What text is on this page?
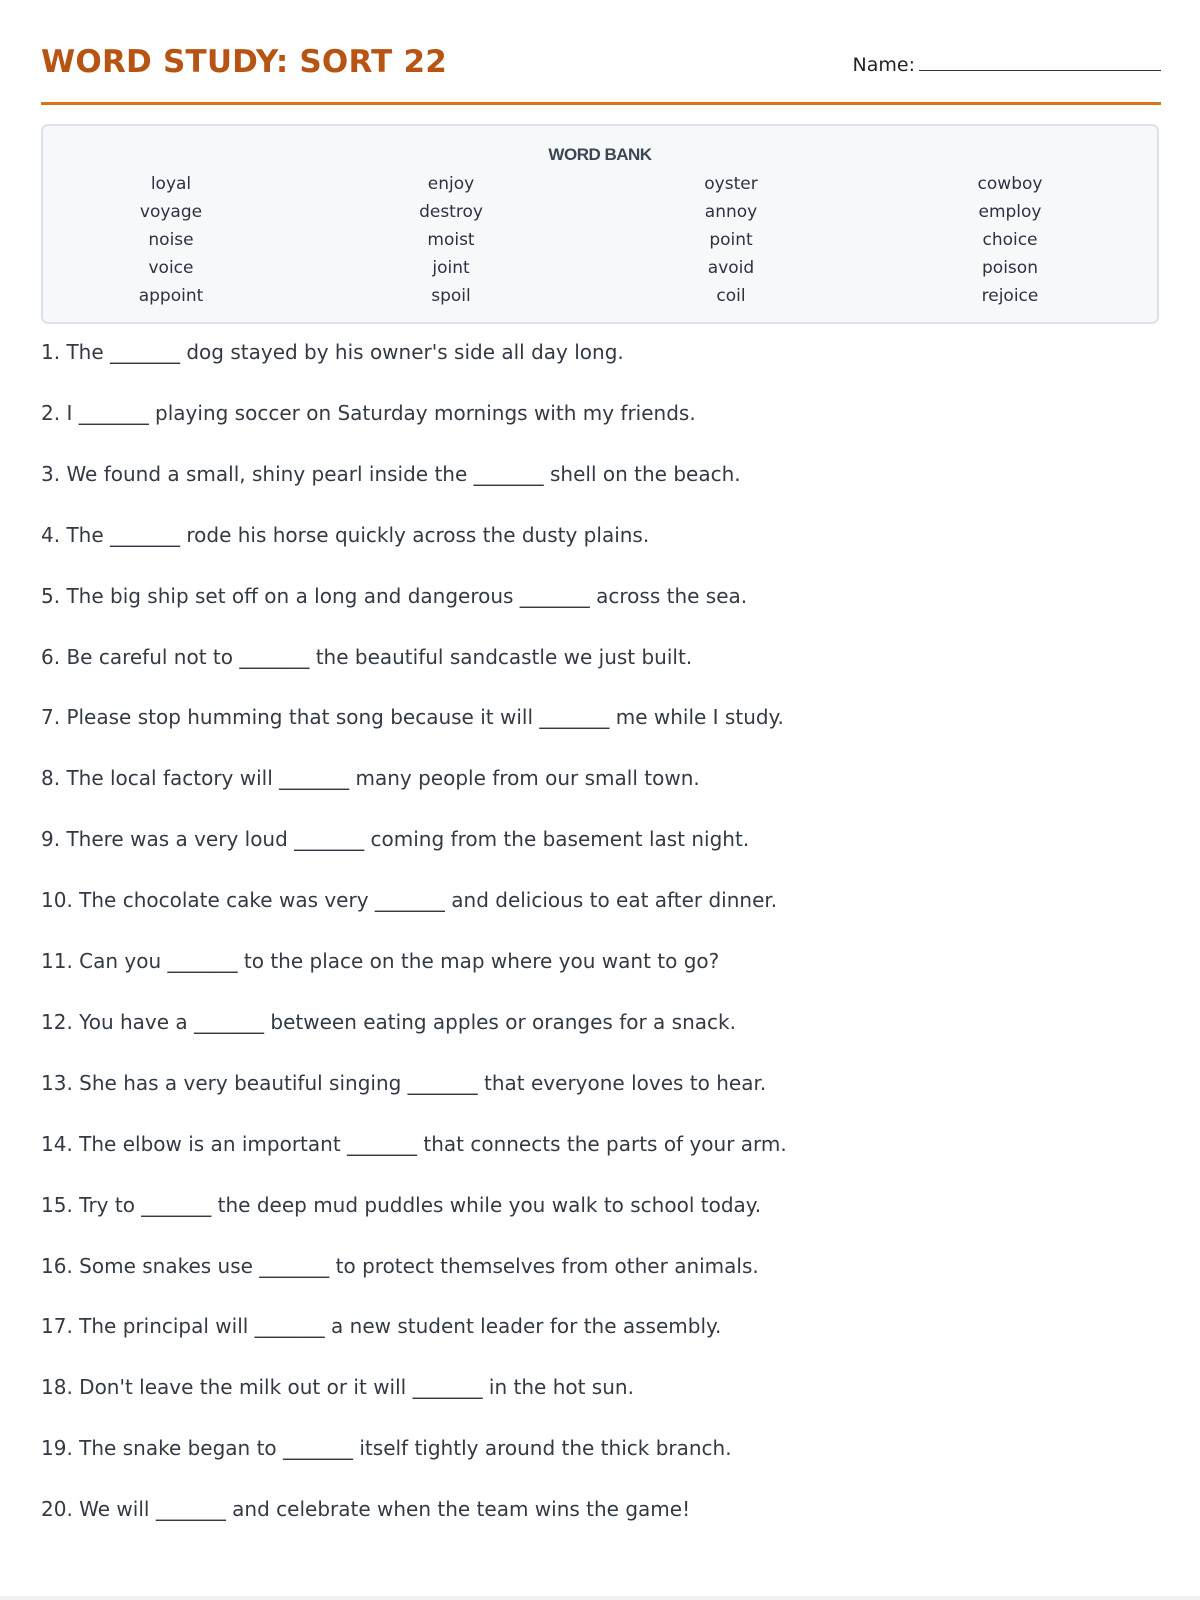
WORD STUDY: SORT 22	Name:
WORD BANK
loyal
voyage
noise
voice
appoint
enjoy
destroy
moist
joint
spoil
oyster
annoy
point
avoid
coil
cowboy
employ
choice
poison
rejoice
1. The _______ dog stayed by his owner's side all day long.
2. I _______ playing soccer on Saturday mornings with my friends.
3. We found a small, shiny pearl inside the _______ shell on the beach.
4. The _______ rode his horse quickly across the dusty plains.
5. The big ship set off on a long and dangerous _______ across the sea.
6. Be careful not to _______ the beautiful sandcastle we just built.
7. Please stop humming that song because it will _______ me while I study.
8. The local factory will _______ many people from our small town.
9. There was a very loud _______ coming from the basement last night.
10. The chocolate cake was very _______ and delicious to eat after dinner.
11. Can you _______ to the place on the map where you want to go?
12. You have a _______ between eating apples or oranges for a snack.
13. She has a very beautiful singing _______ that everyone loves to hear.
14. The elbow is an important _______ that connects the parts of your arm.
15. Try to _______ the deep mud puddles while you walk to school today.
16. Some snakes use _______ to protect themselves from other animals.
17. The principal will _______ a new student leader for the assembly.
18. Don't leave the milk out or it will _______ in the hot sun.
19. The snake began to _______ itself tightly around the thick branch.
20. We will _______ and celebrate when the team wins the game!
